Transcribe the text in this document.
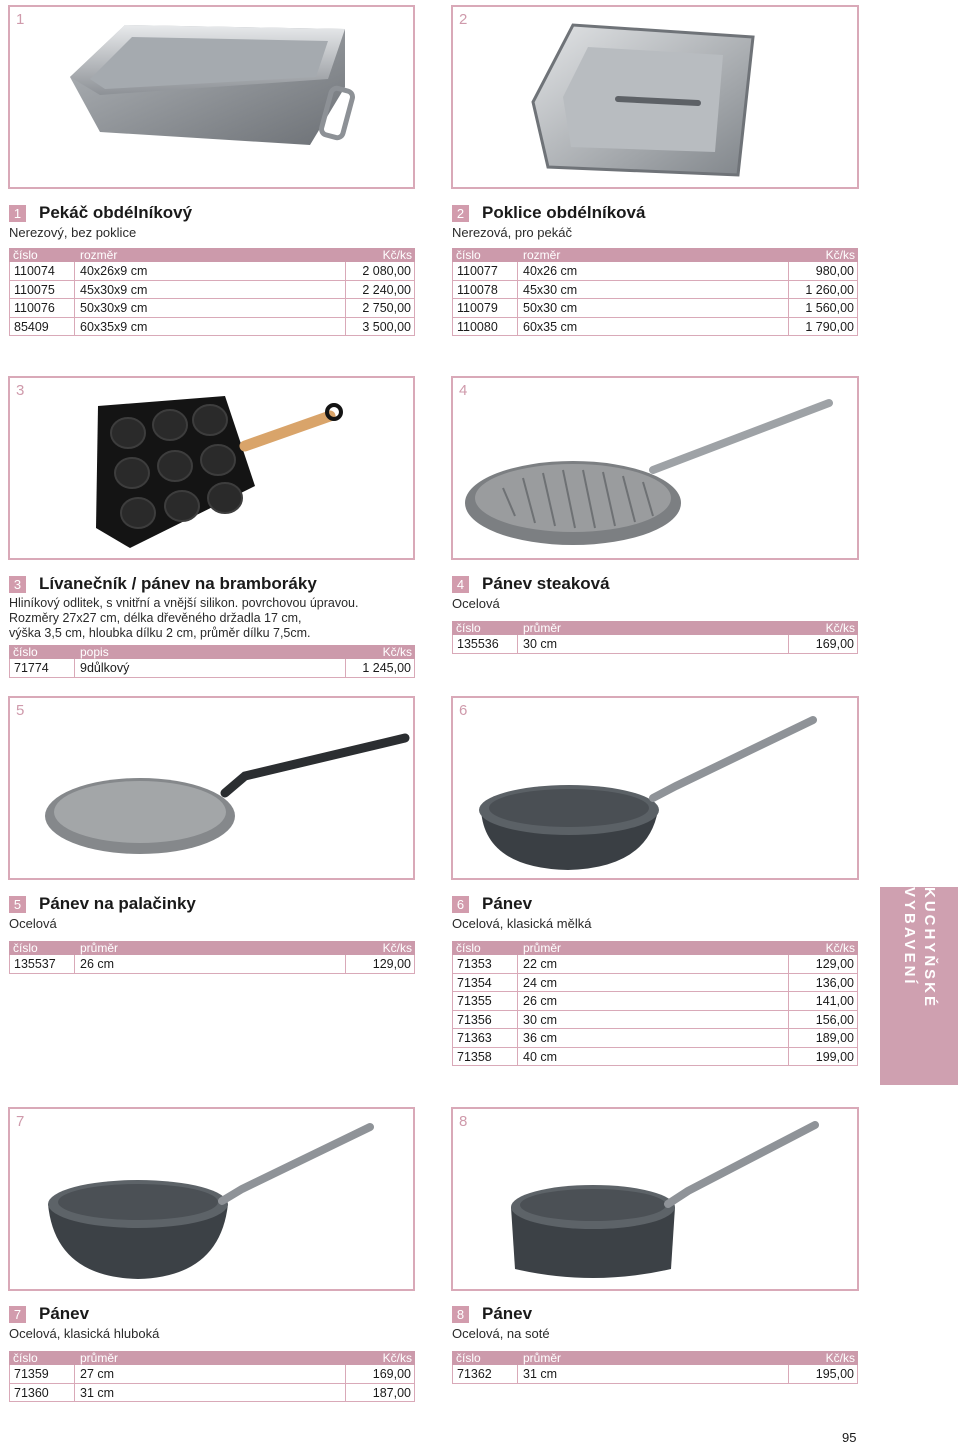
1	2
3	4
5	6
7	8
1 Pekáč obdélníkový
Nerezový, bez poklice
číslo	rozměr	Kč/ks
110074	40x26x9 cm	2 080,00
110075	45x30x9 cm	2 240,00
110076	50x30x9 cm	2 750,00
85409	60x35x9 cm	3 500,00
2 Poklice obdélníková
Nerezová, pro pekáč
číslo	rozměr	Kč/ks
110077	40x26 cm	980,00
110078	45x30 cm	1 260,00
110079	50x30 cm	1 560,00
110080	60x35 cm	1 790,00
3 Lívanečník / pánev na bramboráky
Hliníkový odlitek, s vnitřní a vnější silikon. povrchovou úpravou.
Rozměry 27x27 cm, délka dřevěného držadla 17 cm,
výška 3,5 cm, hloubka dílku 2 cm, průměr dílku 7,5cm.
číslo	popis	Kč/ks
71774	9důlkový	1 245,00
4 Pánev steaková
Ocelová
číslo	průměr	Kč/ks
135536	30 cm	169,00
5 Pánev na palačinky
Ocelová
číslo	průměr	Kč/ks
135537	26 cm	129,00
6 Pánev
Ocelová, klasická mělká
číslo	průměr	Kč/ks
71353	22 cm	129,00
71354	24 cm	136,00
71355	26 cm	141,00
71356	30 cm	156,00
71363	36 cm	189,00
71358	40 cm	199,00
7 Pánev
Ocelová, klasická hluboká
číslo	průměr	Kč/ks
71359	27 cm	169,00
71360	31 cm	187,00
8 Pánev
Ocelová, na soté
číslo	průměr	Kč/ks
71362	31 cm	195,00
KUCHYŇSKÉ VYBAVENÍ
95
